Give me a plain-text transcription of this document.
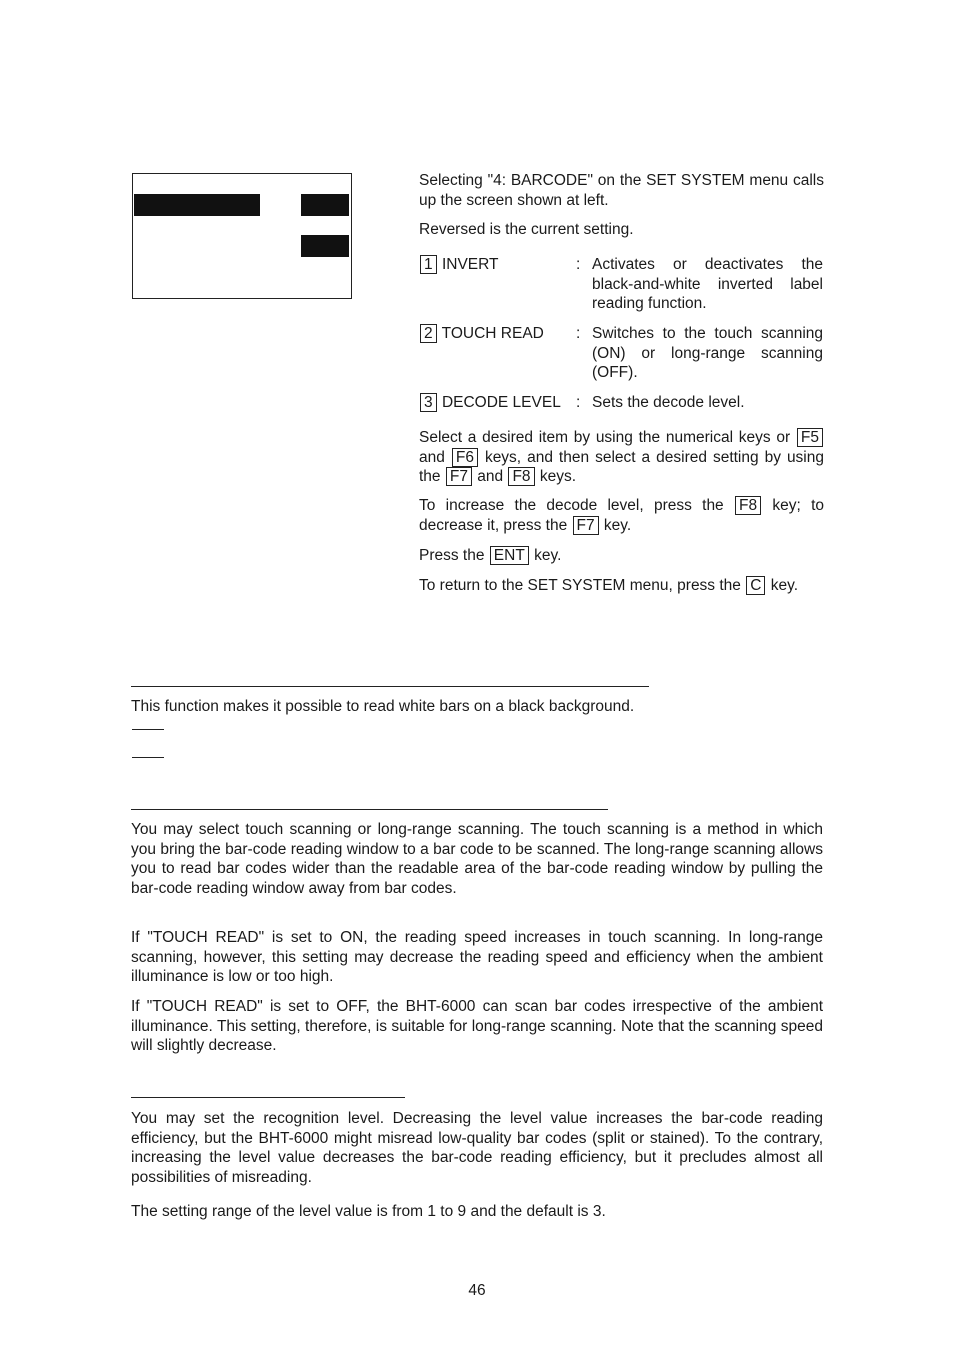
Selecting "4: BARCODE" on the SET SYSTEM menu calls up the screen shown at left.

Reversed is the current setting.

1 INVERT	: Activates or deactivates the black-and-white inverted label reading function.
2 TOUCH READ : Switches to the touch scanning (ON) or long-range scanning (OFF).
3 DECODE LEVEL : Sets the decode level.

Select a desired item by using the numerical keys or F5 and F6 keys, and then select a desired setting by using the F7 and F8 keys.

To increase the decode level, press the F8 key; to decrease it, press the F7 key.

Press the ENT key.

To return to the SET SYSTEM menu, press the C key.

This function makes it possible to read white bars on a black background.

You may select touch scanning or long-range scanning. The touch scanning is a method in which you bring the bar-code reading window to a bar code to be scanned. The long-range scanning allows you to read bar codes wider than the readable area of the bar-code reading window by pulling the bar-code reading window away from bar codes.

If "TOUCH READ" is set to ON, the reading speed increases in touch scanning. In long-range scanning, however, this setting may decrease the reading speed and efficiency when the ambient illuminance is low or too high.

If "TOUCH READ" is set to OFF, the BHT-6000 can scan bar codes irrespective of the ambient illuminance. This setting, therefore, is suitable for long-range scanning. Note that the scanning speed will slightly decrease.

You may set the recognition level. Decreasing the level value increases the bar-code reading efficiency, but the BHT-6000 might misread low-quality bar codes (split or stained). To the contrary, increasing the level value decreases the bar-code reading efficiency, but it precludes almost all possibilities of misreading.

The setting range of the level value is from 1 to 9 and the default is 3.

46
